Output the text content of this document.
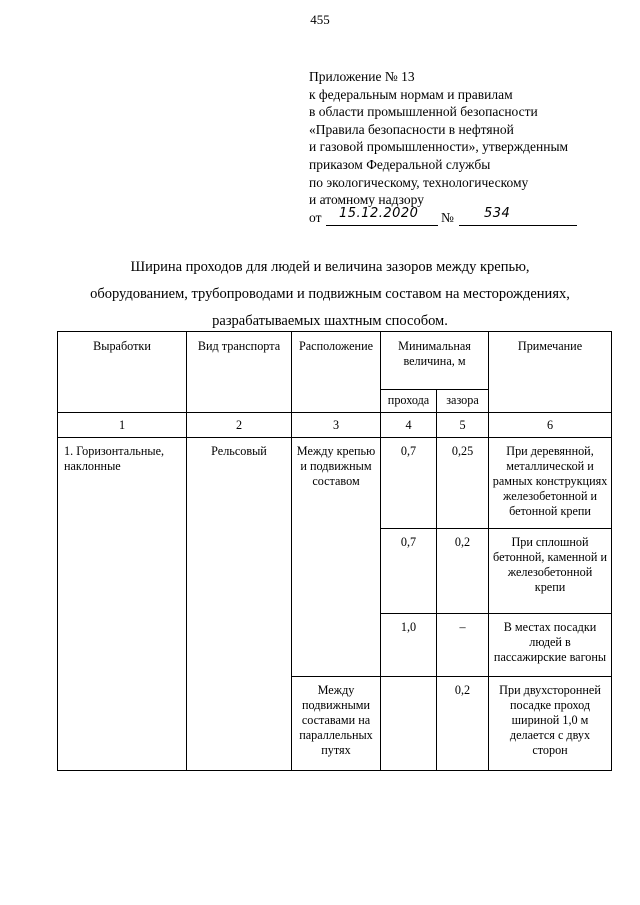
455
Приложение № 13
к федеральным нормам и правилам
в области промышленной безопасности
«Правила безопасности в нефтяной
и газовой промышленности», утвержденным
приказом Федеральной службы
по экологическому, технологическому
и атомному надзору
от 15.12.2020 № 534
Ширина проходов для людей и величина зазоров между крепью,
оборудованием, трубопроводами и подвижным составом на месторождениях,
разрабатываемых шахтным способом.
Выработки	Вид транспорта	Расположение	Минимальная величина, м		Примечание
			прохода	зазора	
1	2	3	4	5	6
1. Горизонтальные, наклонные	Рельсовый	Между крепью и подвижным составом	0,7	0,25	При деревянной, металлической и рамных конструкциях железобетонной и бетонной крепи
			0,7	0,2	При сплошной бетонной, каменной и железобетонной крепи
			1,0	–	В местах посадки людей в пассажирские вагоны
		Между подвижными составами на параллельных путях		0,2	При двухсторонней посадке проход шириной 1,0 м делается с двух сторон
